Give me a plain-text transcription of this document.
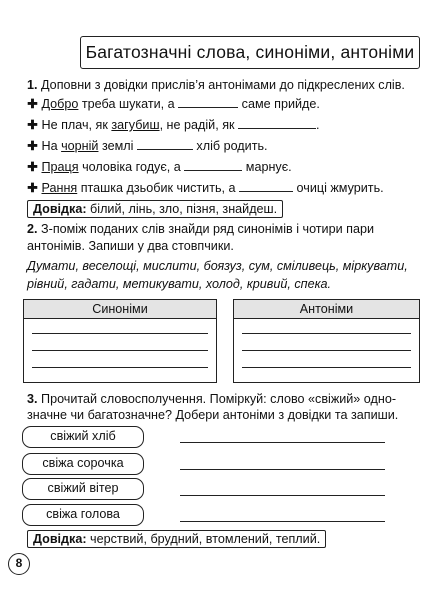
Багатозначні слова, синоніми, антоніми
1. Доповни з довідки прислів’я антонімами до підкреслених слів.
✚ Добро треба шукати, а	саме прийде.
✚ Не плач, як загубиш, не радій, як	.
✚ На чорній землі	хліб родить.
✚ Праця чоловіка годує, а	марнує.
✚ Рання пташка дзьобик чистить, а	очиці жмурить.
Довідка: білий, лінь, зло, пізня, знайдеш.
2. З-поміж поданих слів знайди ряд синонімів і чотири пари
антонімів. Запиши у два стовпчики.
Думати, веселощі, мислити, боязуз, сум, сміливець, міркувати,
рівний, гадати, метикувати, холод, кривий, спека.
Синоніми	Антоніми
3. Прочитай словосполучення. Поміркуй: слово «свіжий» одно-
значне чи багатозначне? Добери антоніми з довідки та запиши.
свіжий хліб
свіжа сорочка
свіжий вітер
свіжа голова
Довідка: черствий, брудний, втомлений, теплий.
8
